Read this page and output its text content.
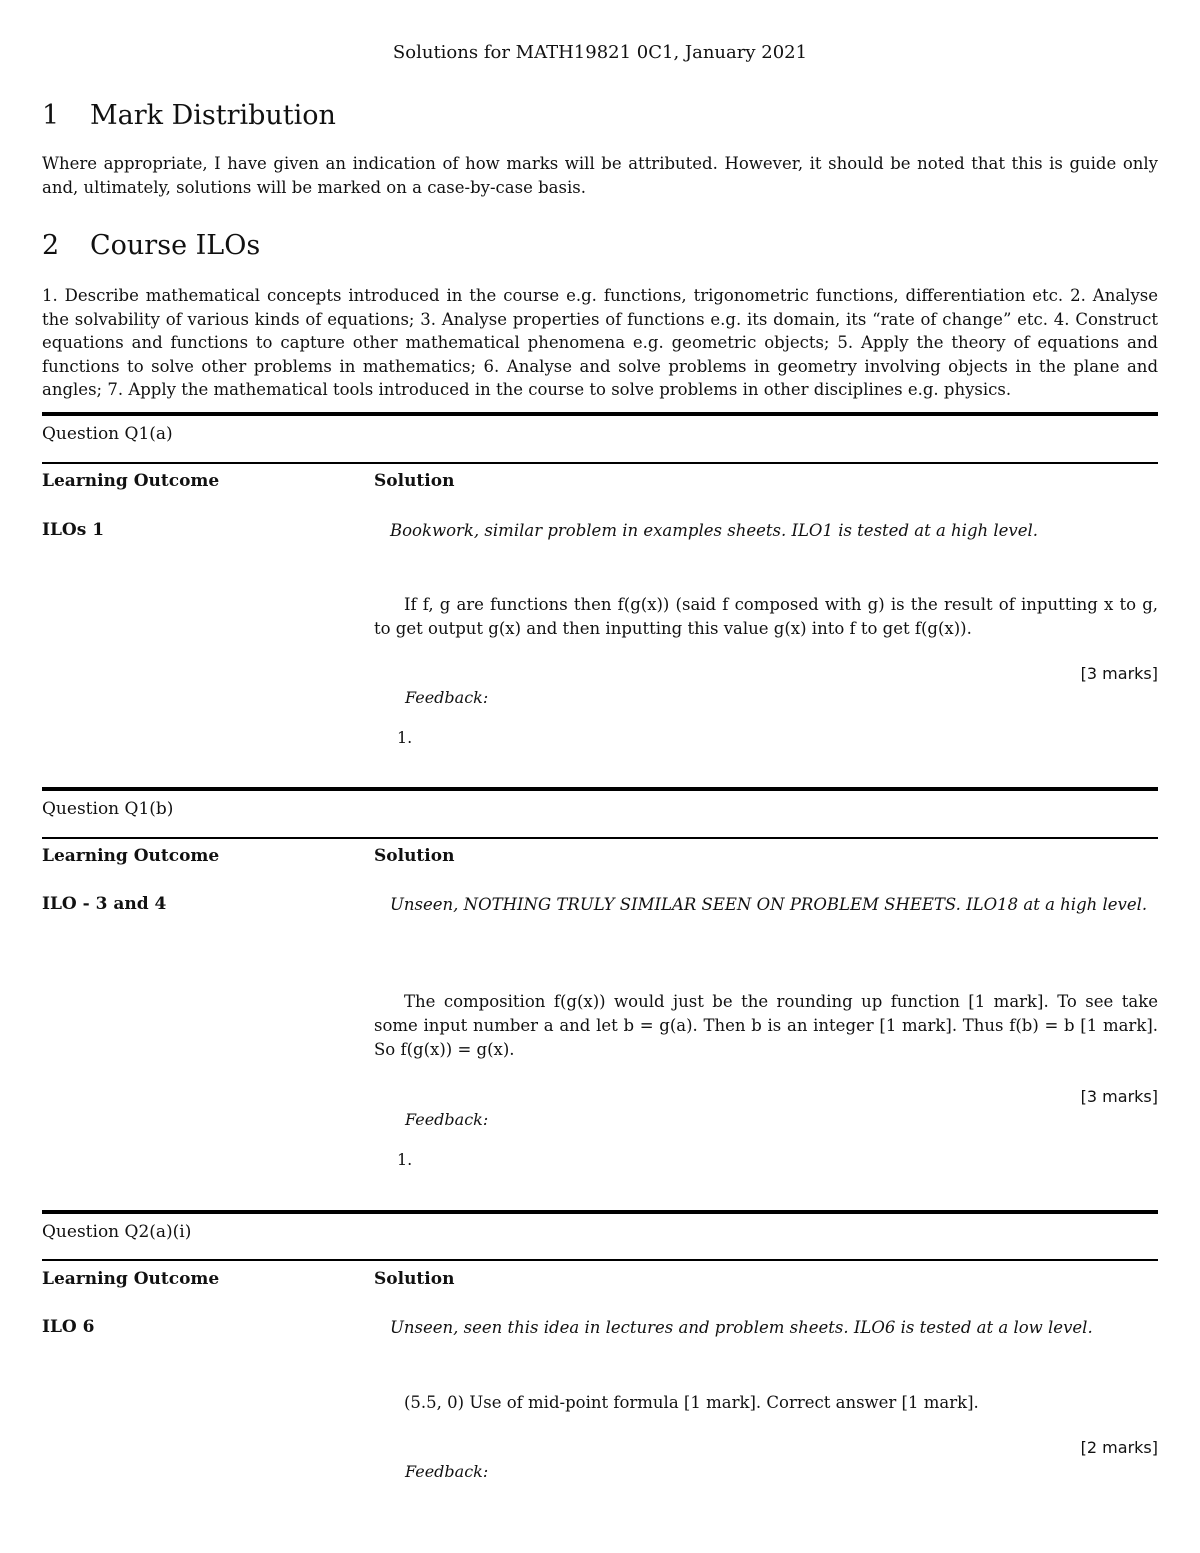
Solutions for MATH19821 0C1, January 2021
1 Mark Distribution
Where appropriate, I have given an indication of how marks will be attributed. However, it should be noted that this is guide only and, ultimately, solutions will be marked on a case-by-case basis.
2 Course ILOs
1. Describe mathematical concepts introduced in the course e.g. functions, trigonometric functions, differentiation etc. 2. Analyse the solvability of various kinds of equations; 3. Analyse properties of functions e.g. its domain, its “rate of change” etc. 4. Construct equations and functions to capture other mathematical phenomena e.g. geometric objects; 5. Apply the theory of equations and functions to solve other problems in mathematics; 6. Analyse and solve problems in geometry involving objects in the plane and angles; 7. Apply the mathematical tools introduced in the course to solve problems in other disciplines e.g. physics.
Question Q1(a)
Learning Outcome	Solution
ILOs 1	Bookwork, similar problem in examples sheets. ILO1 is tested at a high level.
If f, g are functions then f(g(x)) (said f composed with g) is the result of inputting x to g, to get output g(x) and then inputting this value g(x) into f to get f(g(x)).
[3 marks]
Feedback:
1.
Question Q1(b)
Learning Outcome	Solution
ILO - 3 and 4	Unseen, NOTHING TRULY SIMILAR SEEN ON PROBLEM SHEETS. ILO18 at a high level.
The composition f(g(x)) would just be the rounding up function [1 mark]. To see take some input number a and let b = g(a). Then b is an integer [1 mark]. Thus f(b) = b [1 mark]. So f(g(x)) = g(x).
[3 marks]
Feedback:
1.
Question Q2(a)(i)
Learning Outcome	Solution
ILO 6	Unseen, seen this idea in lectures and problem sheets. ILO6 is tested at a low level.
(5.5, 0) Use of mid-point formula [1 mark]. Correct answer [1 mark].
[2 marks]
Feedback:
